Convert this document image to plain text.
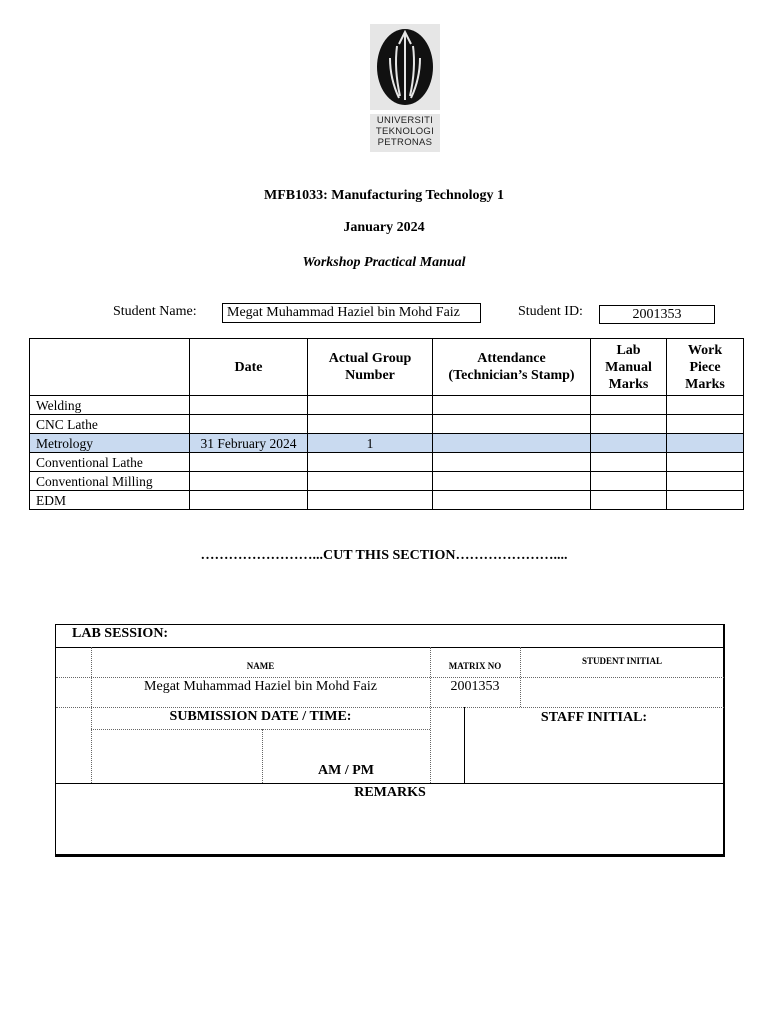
UNIVERSITI
TEKNOLOGI
PETRONAS
MFB1033: Manufacturing Technology 1
January 2024
Workshop Practical Manual
Student Name:	Megat Muhammad Haziel bin Mohd Faiz	Student ID:	2001353
	Date	Actual Group Number	Attendance (Technician’s Stamp)	Lab Manual Marks	Work Piece Marks
Welding					
CNC Lathe					
Metrology	31 February 2024	1			
Conventional Lathe					
Conventional Milling					
EDM					
……………………...CUT THIS SECTION…………………....
LAB SESSION:
NAME	MATRIX NO	STUDENT INITIAL
Megat Muhammad Haziel bin Mohd Faiz	2001353
SUBMISSION DATE / TIME:
AM / PM
STAFF INITIAL:
REMARKS
